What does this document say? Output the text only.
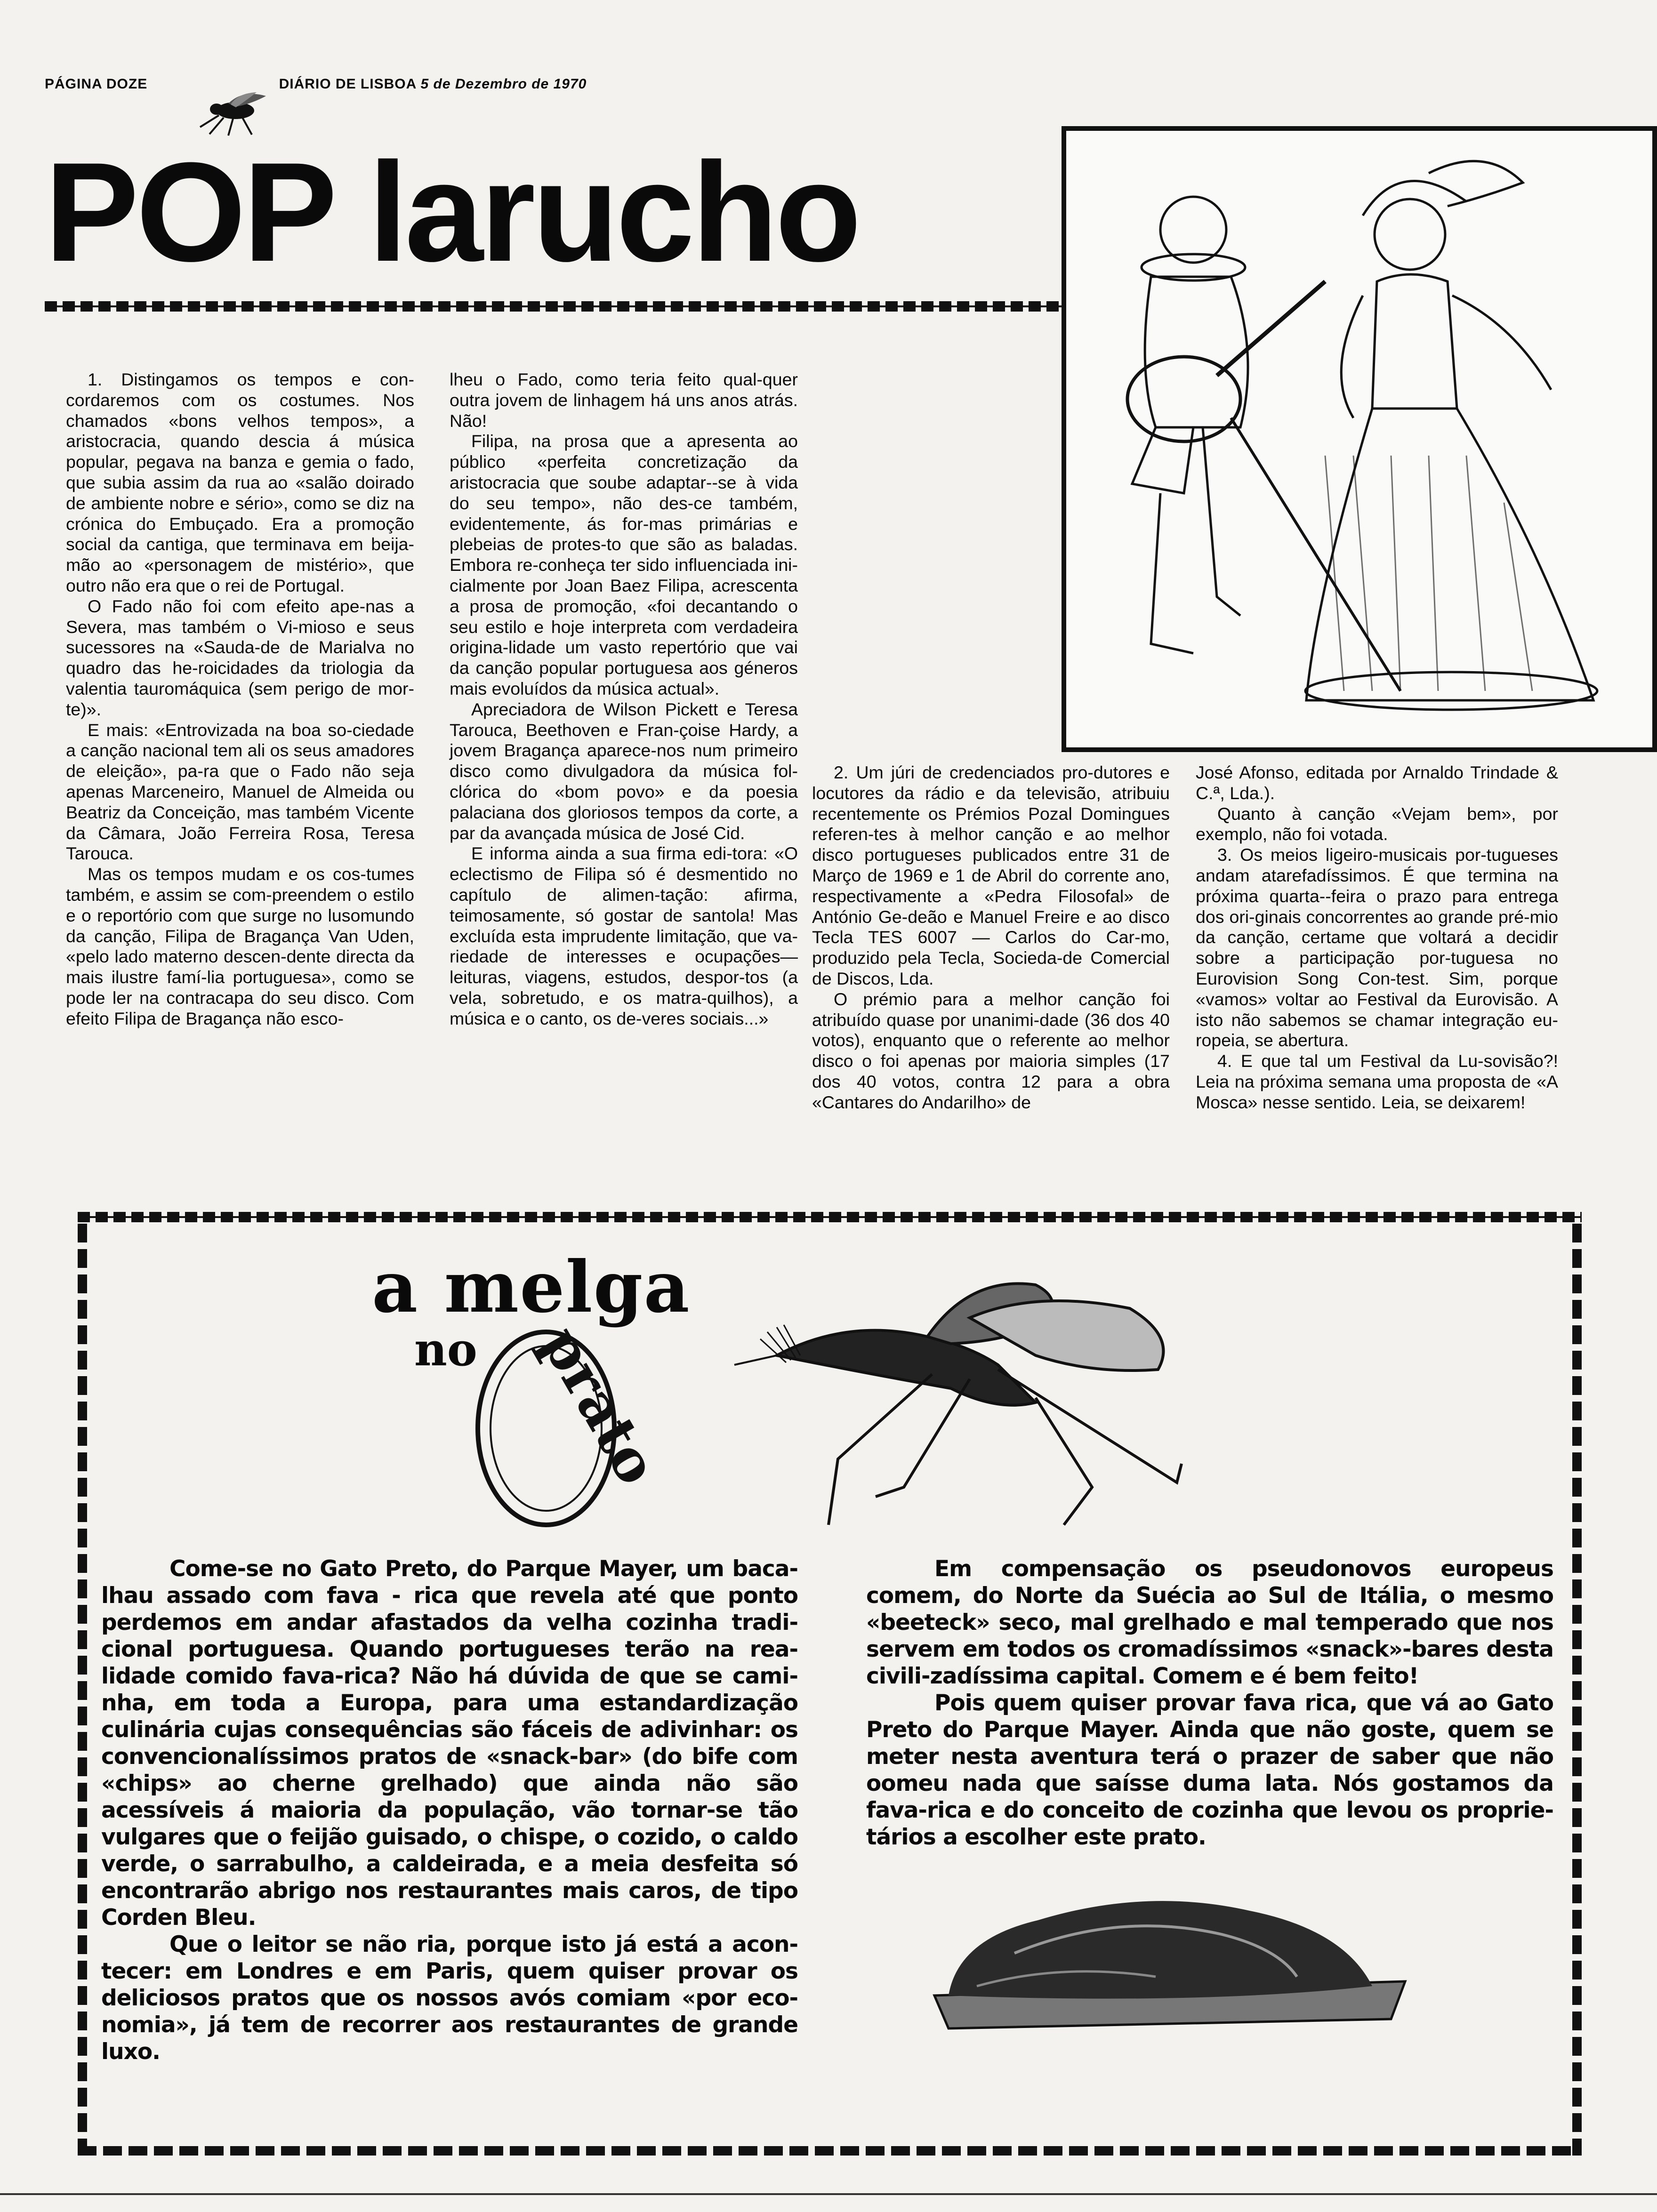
PÁGINA DOZE	DIÁRIO DE LISBOA 5 de Dezembro de 1970
POP larucho

1. Distingamos os tempos e con-cordaremos com os costumes. Nos chamados «bons velhos tempos», a aristocracia, quando descia á música popular, pegava na banza e gemia o fado, que subia assim da rua ao «salão doirado de ambiente nobre e sério», como se diz na crónica do Embuçado. Era a promoção social da cantiga, que terminava em beija-mão ao «personagem de mistério», que outro não era que o rei de Portugal.

O Fado não foi com efeito ape-nas a Severa, mas também o Vi-mioso e seus sucessores na «Sauda-de de Marialva no quadro das he-roicidades da triologia da valentia tauromáquica (sem perigo de mor-te)».

E mais: «Entrovizada na boa so-ciedade a canção nacional tem ali os seus amadores de eleição», pa-ra que o Fado não seja apenas Marceneiro, Manuel de Almeida ou Beatriz da Conceição, mas também Vicente da Câmara, João Ferreira Rosa, Teresa Tarouca.

Mas os tempos mudam e os cos-tumes também, e assim se com-preendem o estilo e o reportório com que surge no lusomundo da canção, Filipa de Bragança Van Uden, «pelo lado materno descen-dente directa da mais ilustre famí-lia portuguesa», como se pode ler na contracapa do seu disco. Com efeito Filipa de Bragança não esco-

lheu o Fado, como teria feito qual-quer outra jovem de linhagem há uns anos atrás. Não!

Filipa, na prosa que a apresenta ao público «perfeita concretização da aristocracia que soube adaptar--se à vida do seu tempo», não des-ce também, evidentemente, ás for-mas primárias e plebeias de protes-to que são as baladas. Embora re-conheça ter sido influenciada ini-cialmente por Joan Baez Filipa, acrescenta a prosa de promoção, «foi decantando o seu estilo e hoje interpreta com verdadeira origina-lidade um vasto repertório que vai da canção popular portuguesa aos géneros mais evoluídos da música actual».

Apreciadora de Wilson Pickett e Teresa Tarouca, Beethoven e Fran-çoise Hardy, a jovem Bragança aparece-nos num primeiro disco como divulgadora da música fol-clórica do «bom povo» e da poesia palaciana dos gloriosos tempos da corte, a par da avançada música de José Cid.

E informa ainda a sua firma edi-tora: «O eclectismo de Filipa só é desmentido no capítulo de alimen-tação: afirma, teimosamente, só gostar de santola! Mas excluída esta imprudente limitação, que va-riedade de interesses e ocupações—leituras, viagens, estudos, despor-tos (a vela, sobretudo, e os matra-quilhos), a música e o canto, os de-veres sociais...»

2. Um júri de credenciados pro-dutores e locutores da rádio e da televisão, atribuiu recentemente os Prémios Pozal Domingues referen-tes à melhor canção e ao melhor disco portugueses publicados entre 31 de Março de 1969 e 1 de Abril do corrente ano, respectivamente a «Pedra Filosofal» de António Ge-deão e Manuel Freire e ao disco Tecla TES 6007 — Carlos do Car-mo, produzido pela Tecla, Socieda-de Comercial de Discos, Lda.

O prémio para a melhor canção foi atribuído quase por unanimi-dade (36 dos 40 votos), enquanto que o referente ao melhor disco o foi apenas por maioria simples (17 dos 40 votos, contra 12 para a obra «Cantares do Andarilho» de

José Afonso, editada por Arnaldo Trindade & C.ª, Lda.).

Quanto à canção «Vejam bem», por exemplo, não foi votada.

3. Os meios ligeiro-musicais por-tugueses andam atarefadíssimos. É que termina na próxima quarta--feira o prazo para entrega dos ori-ginais concorrentes ao grande pré-mio da canção, certame que voltará a decidir sobre a participação por-tuguesa no Eurovision Song Con-test. Sim, porque «vamos» voltar ao Festival da Eurovisão. A isto não sabemos se chamar integração eu-ropeia, se abertura.

4. E que tal um Festival da Lu-sovisão?! Leia na próxima semana uma proposta de «A Mosca» nesse sentido. Leia, se deixarem!

a melga
no prato

Come-se no Gato Preto, do Parque Mayer, um baca-lhau assado com fava - rica que revela até que ponto perdemos em andar afastados da velha cozinha tradi-cional portuguesa. Quando portugueses terão na rea-lidade comido fava-rica? Não há dúvida de que se cami-nha, em toda a Europa, para uma estandardização culinária cujas consequências são fáceis de adivinhar: os convencionalíssimos pratos de «snack-bar» (do bife com «chips» ao cherne grelhado) que ainda não são acessíveis á maioria da população, vão tornar-se tão vulgares que o feijão guisado, o chispe, o cozido, o caldo verde, o sarrabulho, a caldeirada, e a meia desfeita só encontrarão abrigo nos restaurantes mais caros, de tipo Corden Bleu.

Que o leitor se não ria, porque isto já está a acon-tecer: em Londres e em Paris, quem quiser provar os deliciosos pratos que os nossos avós comiam «por eco-nomia», já tem de recorrer aos restaurantes de grande luxo.

Em compensação os pseudonovos europeus comem, do Norte da Suécia ao Sul de Itália, o mesmo «beeteck» seco, mal grelhado e mal temperado que nos servem em todos os cromadíssimos «snack»-bares desta civili-zadíssima capital. Comem e é bem feito!

Pois quem quiser provar fava rica, que vá ao Gato Preto do Parque Mayer. Ainda que não goste, quem se meter nesta aventura terá o prazer de saber que não oomeu nada que saísse duma lata. Nós gostamos da fava-rica e do conceito de cozinha que levou os proprie-tários a escolher este prato.
